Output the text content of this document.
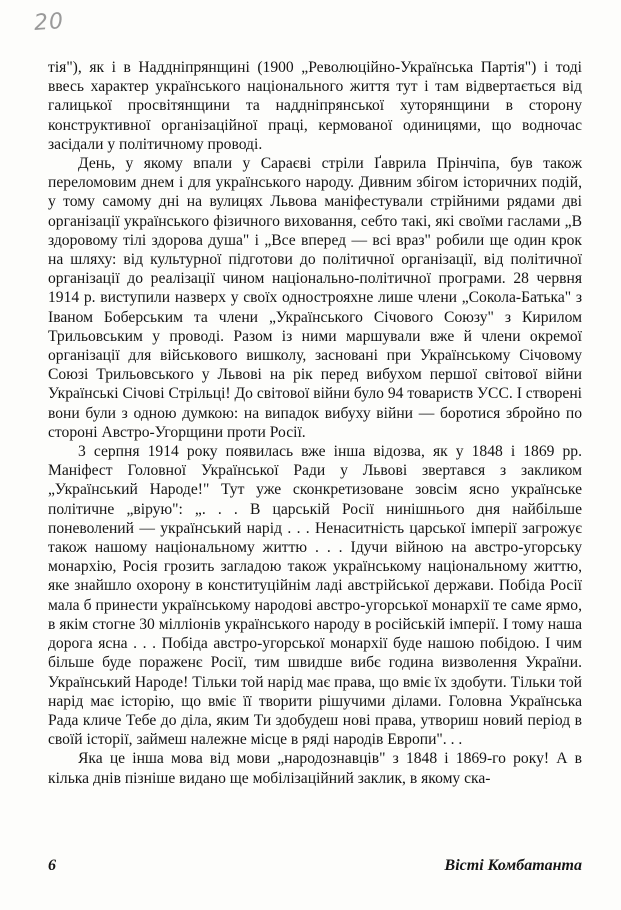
20

тія"), як і в Наддніпрянщині (1900 „Революційно-Українська Партія") і тоді ввесь характер українського національного життя тут і там відвертається від галицької просвітянщини та наддніпрянської хуторянщини в сторону конструктивної організаційної праці, кермованої одиницями, що водночас засідали у політичному проводі.

День, у якому впали у Сараєві стріли Ґаврила Прінчіпа, був також переломовим днем і для українського народу. Дивним збігом історичних подій, у тому самому дні на вулицях Львова маніфестували стрійними рядами дві організації українського фізичного виховання, себто такі, які своїми гаслами „В здоровому тілі здорова душа" і „Все вперед — всі враз" робили ще один крок на шляху: від культурної підготови до політичної організації, від політичної організації до реалізації чином національно-політичної програми. 28 червня 1914 р. виступили назверх у своїх однострояхне лише члени „Сокола-Батька" з Іваном Боберським та члени „Українського Січового Союзу" з Кирилом Трильовським у проводі. Разом із ними маршували вже й члени окремої організації для військового вишколу, засновані при Українському Січовому Союзі Трильовського у Львові на рік перед вибухом першої світової війни Українські Січові Стрільці! До світової війни було 94 товариств УСС. І створені вони були з одною думкою: на випадок вибуху війни — боротися збройно по стороні Австро-Угорщини проти Росії.

3 серпня 1914 року появилась вже інша відозва, як у 1848 і 1869 рр. Маніфест Головної Української Ради у Львові звертався з закликом „Український Народе!" Тут уже сконкретизоване зовсім ясно українське політичне „вірую": „. . . В царській Росії нинішнього дня найбільше поневолений — український нарід . . . Ненаситність царської імперії загрожує також нашому національному життю . . . Ідучи війною на австро-угорську монархію, Росія грозить загладою також українському національному життю, яке знайшло охорону в конституційнім ладі австрійської держави. Побіда Росії мала б принести українському народові австро-угорської монархії те саме ярмо, в якім стогне 30 мілліонів українського народу в російській імперії. І тому наша дорога ясна . . . Побіда австро-угорської монархії буде нашою побідою. І чим більше буде пораженє Росії, тим швидше вибє година визволення України. Український Народе! Тільки той нарід має права, що вміє їх здобути. Тільки той нарід має історію, що вміє її творити рішучими ділами. Головна Українська Рада кличе Тебе до діла, яким Ти здобудеш нові права, утвориш новий період в своїй історії, займеш належне місце в ряді народів Европи". . .

Яка це інша мова від мови „народознавців" з 1848 і 1869-го року! А в кілька днів пізніше видано ще мобілізаційний заклик, в якому ска-

6	Вісті Комбатанта
